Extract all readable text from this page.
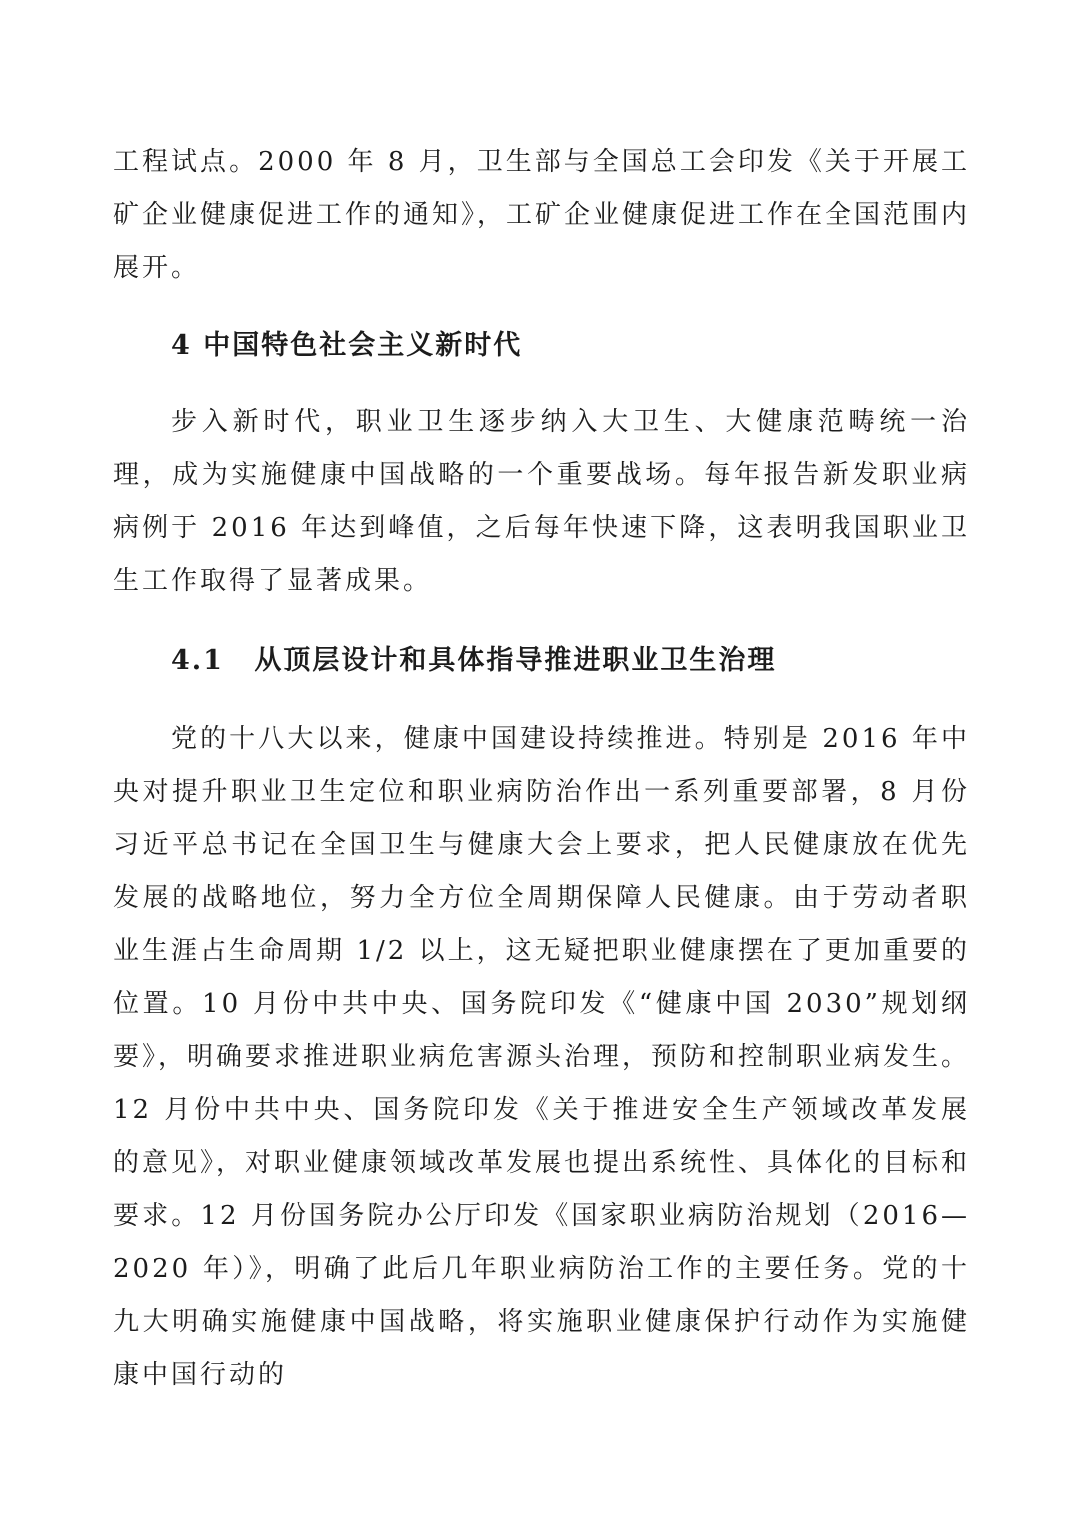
工程试点。2000 年 8 月，卫生部与全国总工会印发《关于开展工矿企业健康促进工作的通知》，工矿企业健康促进工作在全国范围内展开。

4 中国特色社会主义新时代

步入新时代，职业卫生逐步纳入大卫生、大健康范畴统一治理，成为实施健康中国战略的一个重要战场。每年报告新发职业病病例于 2016 年达到峰值，之后每年快速下降，这表明我国职业卫生工作取得了显著成果。

4.1 从顶层设计和具体指导推进职业卫生治理

党的十八大以来，健康中国建设持续推进。特别是 2016 年中央对提升职业卫生定位和职业病防治作出一系列重要部署，8 月份习近平总书记在全国卫生与健康大会上要求，把人民健康放在优先发展的战略地位，努力全方位全周期保障人民健康。由于劳动者职业生涯占生命周期 1/2 以上，这无疑把职业健康摆在了更加重要的位置。10 月份中共中央、国务院印发《“健康中国 2030”规划纲要》，明确要求推进职业病危害源头治理，预防和控制职业病发生。12 月份中共中央、国务院印发《关于推进安全生产领域改革发展的意见》，对职业健康领域改革发展也提出系统性、具体化的目标和要求。12 月份国务院办公厅印发《国家职业病防治规划（2016—2020 年）》，明确了此后几年职业病防治工作的主要任务。党的十九大明确实施健康中国战略，将实施职业健康保护行动作为实施健康中国行动的
